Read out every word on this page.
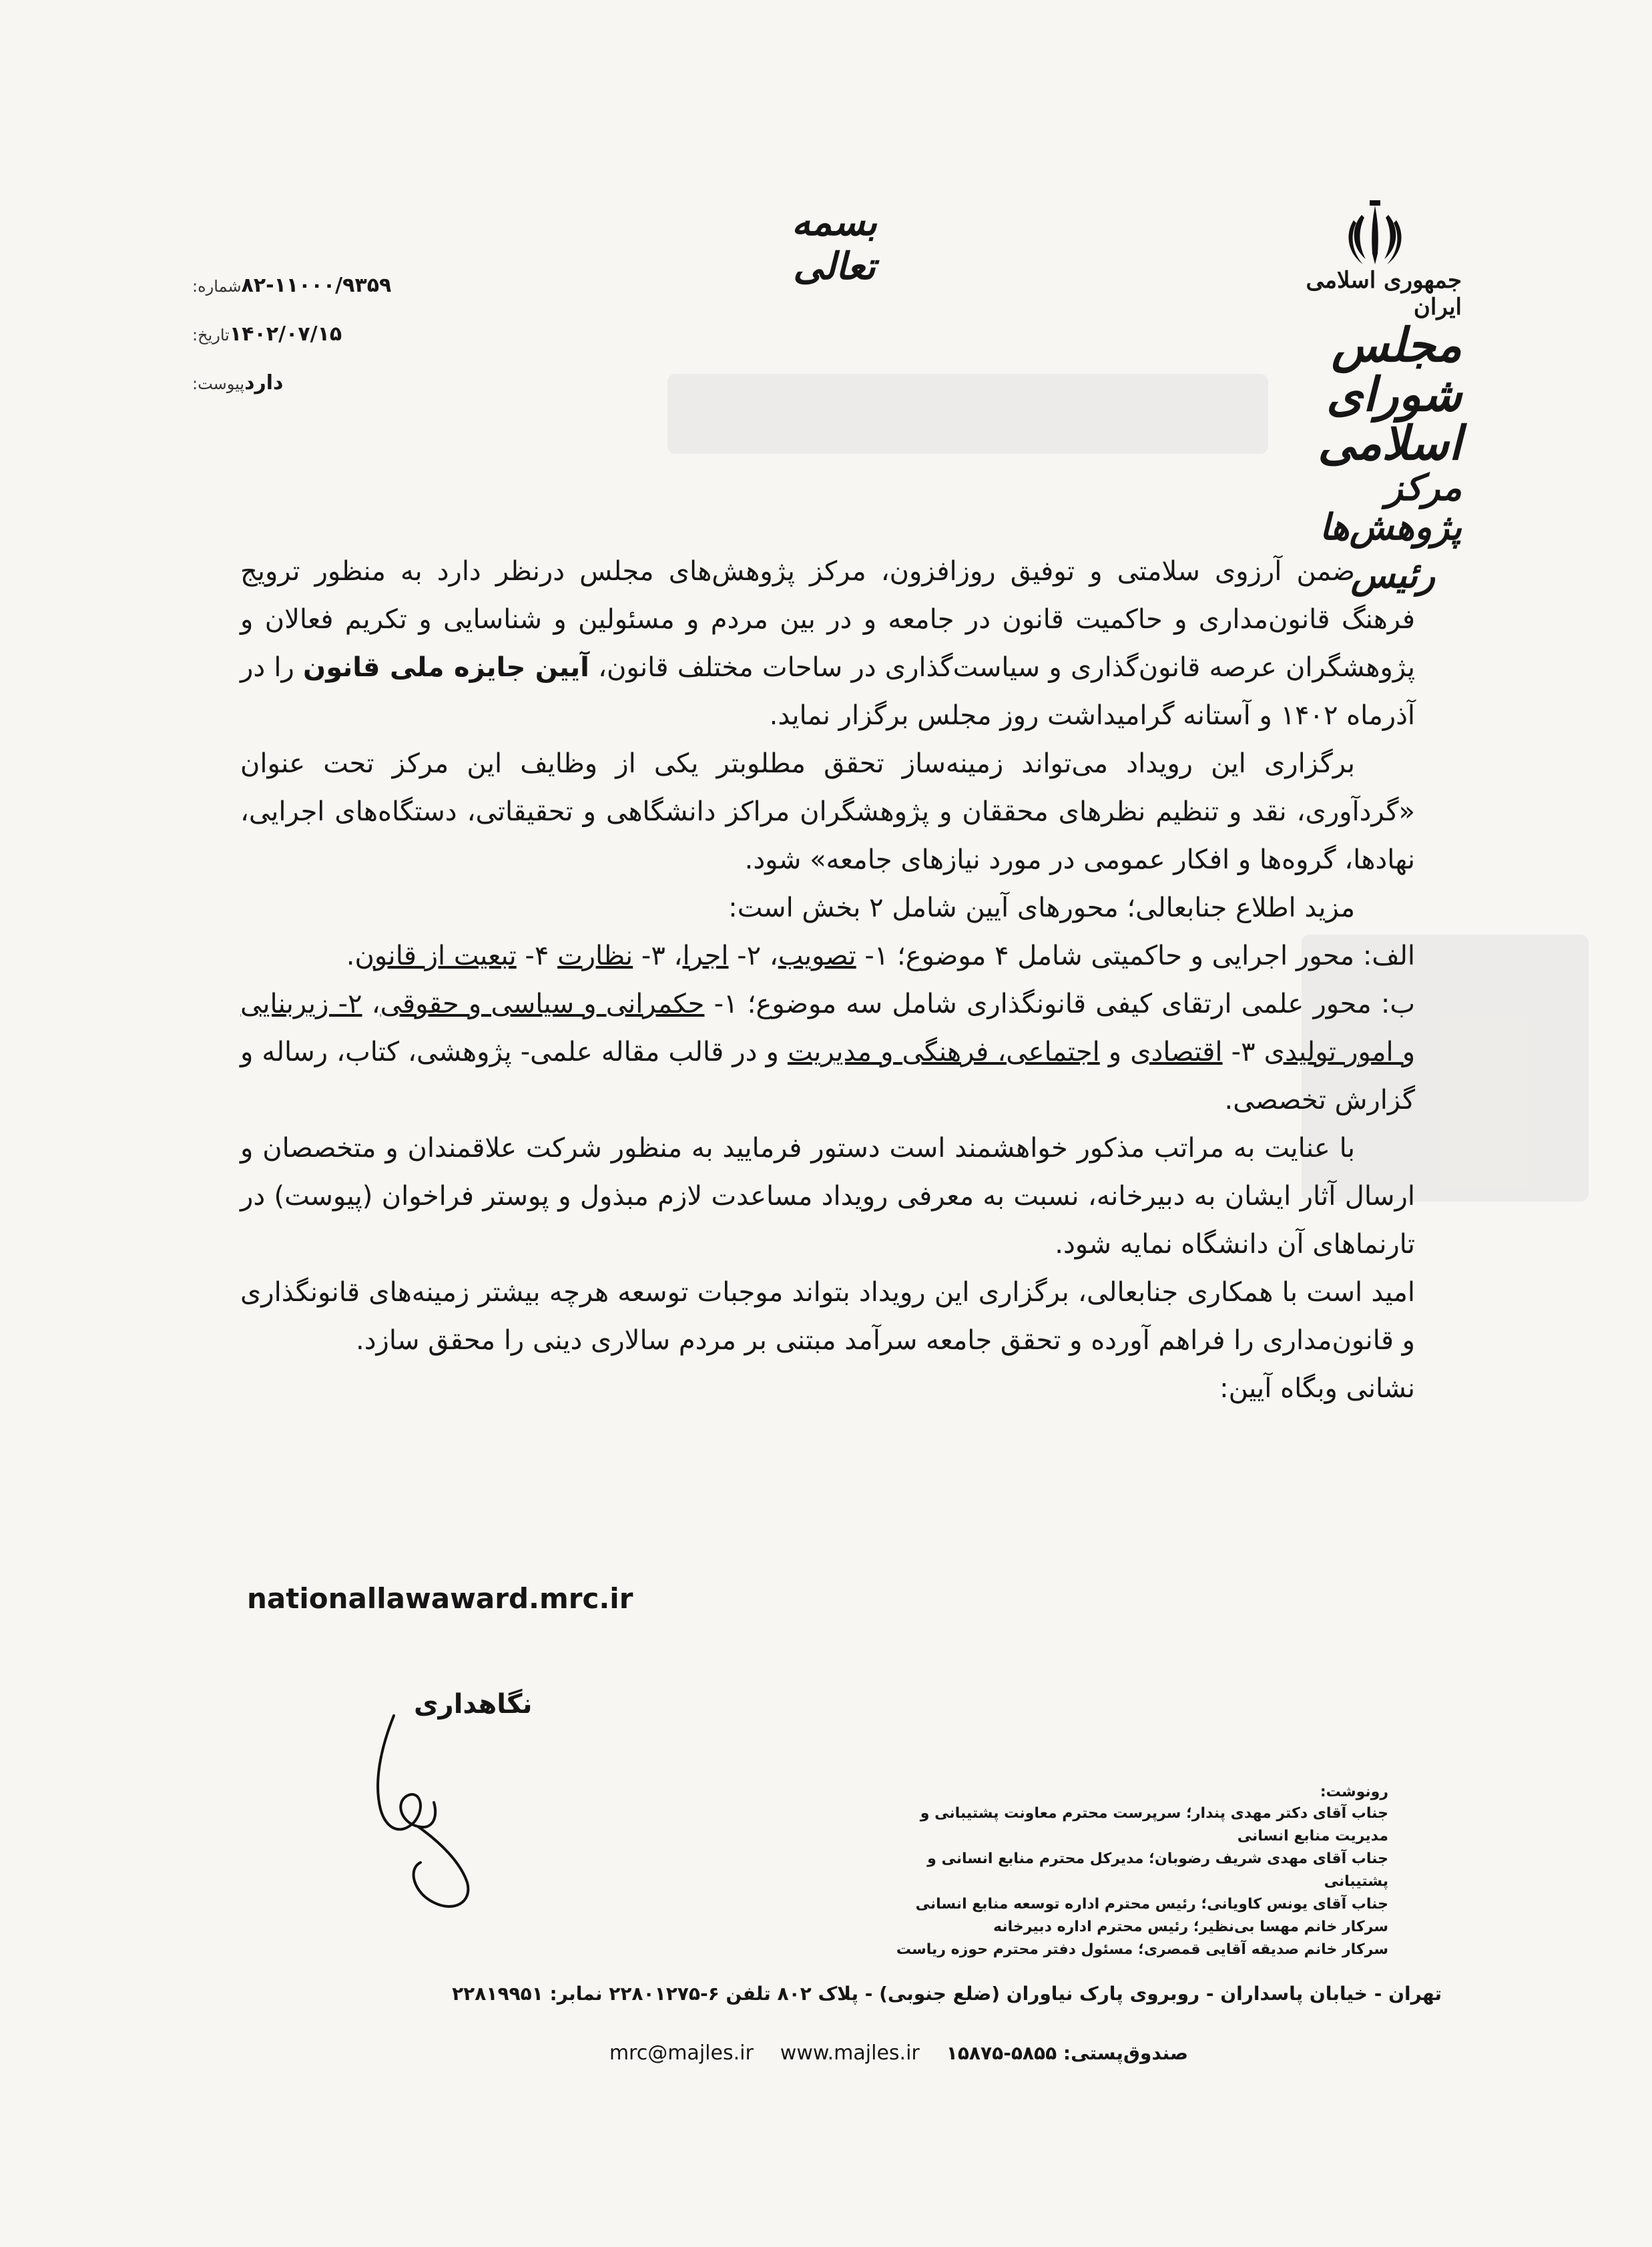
بسمه تعالی	جمهوری اسلامی ایران
مجلس شورای اسلامی
مرکز پژوهش‌ها
رئیس
شماره: ۸۲-۱۱۰۰۰/۹۳۵۹
تاریخ: ۱۴۰۲/۰۷/۱۵
پیوست: دارد

ضمن آرزوی سلامتی و توفیق روزافزون، مرکز پژوهش‌های مجلس درنظر دارد به منظور ترویج فرهنگ قانون‌مداری و حاکمیت قانون در جامعه و در بین مردم و مسئولین و شناسایی و تکریم فعالان و پژوهشگران عرصه قانون‌گذاری و سیاست‌گذاری در ساحات مختلف قانون، آیین جایزه ملی قانون را در آذرماه ۱۴۰۲ و آستانه گرامیداشت روز مجلس برگزار نماید.

برگزاری این رویداد می‌تواند زمینه‌ساز تحقق مطلوبتر یکی از وظایف این مرکز تحت عنوان «گردآوری، نقد و تنظیم نظرهای محققان و پژوهشگران مراکز دانشگاهی و تحقیقاتی، دستگاه‌های اجرایی، نهادها، گروه‌ها و افکار عمومی در مورد نیازهای جامعه» شود.

مزید اطلاع جنابعالی؛ محورهای آیین شامل ۲ بخش است:

الف: محور اجرایی و حاکمیتی شامل ۴ موضوع؛ ۱- تصویب، ۲- اجرا، ۳- نظارت ۴- تبعیت از قانون.

ب: محور علمی ارتقای کیفی قانونگذاری شامل سه موضوع؛ ۱- حکمرانی و سیاسی و حقوقی، ۲- زیربنایی و امور تولیدی ۳- اقتصادی و اجتماعی، فرهنگی و مدیریت و در قالب مقاله علمی- پژوهشی، کتاب، رساله و گزارش تخصصی.

با عنایت به مراتب مذکور خواهشمند است دستور فرمایید به منظور شرکت علاقمندان و متخصصان و ارسال آثار ایشان به دبیرخانه، نسبت به معرفی رویداد مساعدت لازم مبذول و پوستر فراخوان (پیوست) در تارنماهای آن دانشگاه نمایه شود.

امید است با همکاری جنابعالی، برگزاری این رویداد بتواند موجبات توسعه هرچه بیشتر زمینه‌های قانونگذاری و قانون‌مداری را فراهم آورده و تحقق جامعه سرآمد مبتنی بر مردم سالاری دینی را محقق سازد.

نشانی وبگاه آیین:

nationallawaward.mrc.ir
نگاهداری
رونوشت:
جناب آقای دکتر مهدی پندار؛ سرپرست محترم معاونت پشتیبانی و مدیریت منابع انسانی
جناب آقای مهدی شریف رضوبان؛ مدیرکل محترم منابع انسانی و پشتیبانی
جناب آقای یونس کاویانی؛ رئیس محترم اداره توسعه منابع انسانی
سرکار خانم مهسا بی‌نظیر؛ رئیس محترم اداره دبیرخانه
سرکار خانم صدیقه آقایی قمصری؛ مسئول دفتر محترم حوزه ریاست
تهران - خیابان پاسداران - روبروی پارک نیاوران (ضلع جنوبی) - پلاک ۸۰۲ تلفن ۶-۲۲۸۰۱۲۷۵ نمابر: ۲۲۸۱۹۹۵۱
صندوق‌پستی: ۵۸۵۵-۱۵۸۷۵
www.majles.ir
mrc@majles.ir
